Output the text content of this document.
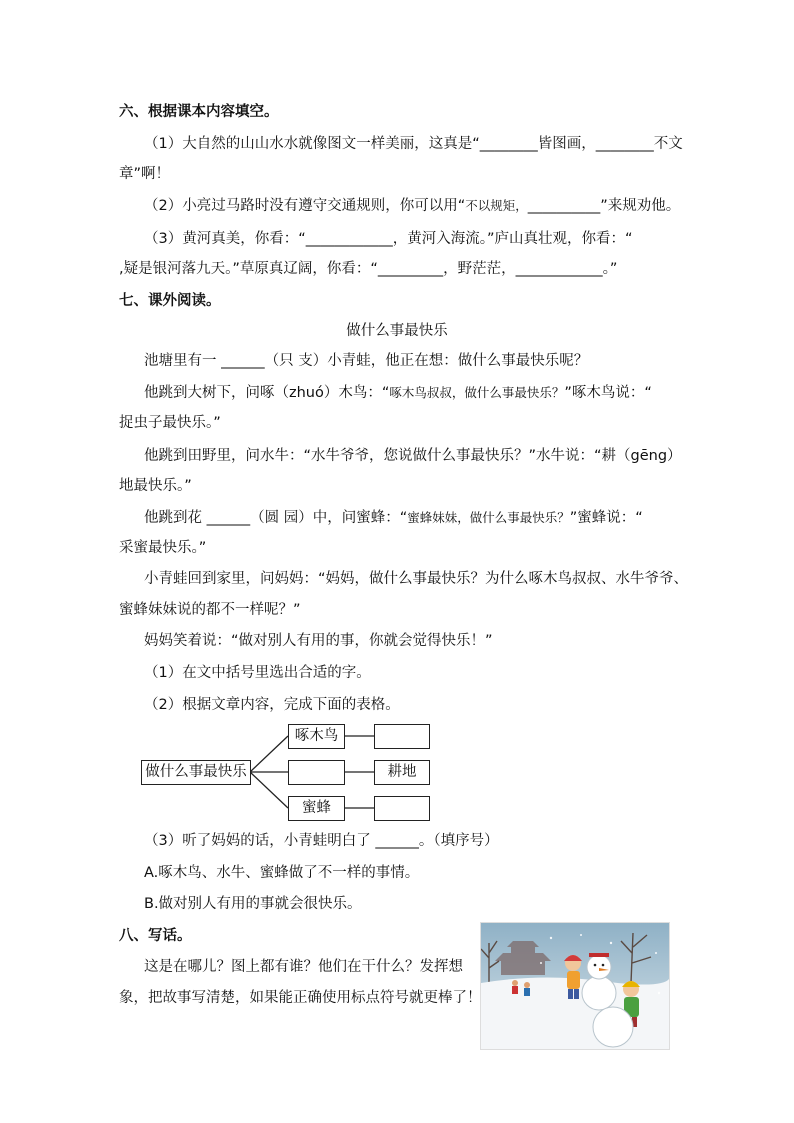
六、根据课本内容填空。
（1）大自然的山山水水就像图文一样美丽，这真是“________皆图画，________不文
章”啊！
（2）小亮过马路时没有遵守交通规则，你可以用“不以规矩，__________”来规劝他。
（3）黄河真美，你看：“____________，黄河入海流。”庐山真壮观，你看：“
,疑是银河落九天。”草原真辽阔，你看：“_________，野茫茫，____________。”
七、课外阅读。
做什么事最快乐
池塘里有一 ______（只 支）小青蛙，他正在想：做什么事最快乐呢？
他跳到大树下，问啄（zhuó）木鸟：“啄木鸟叔叔，做什么事最快乐？”啄木鸟说：“
捉虫子最快乐。”
他跳到田野里，问水牛：“水牛爷爷，您说做什么事最快乐？”水牛说：“耕（gēng）
地最快乐。”
他跳到花 ______（圆 园）中，问蜜蜂：“蜜蜂妹妹，做什么事最快乐？”蜜蜂说：“
采蜜最快乐。”
小青蛙回到家里，问妈妈：“妈妈，做什么事最快乐？为什么啄木鸟叔叔、水牛爷爷、
蜜蜂妹妹说的都不一样呢？”
妈妈笑着说：“做对别人有用的事，你就会觉得快乐！”
（1）在文中括号里选出合适的字。
（2）根据文章内容，完成下面的表格。
做什么事最快乐
啄木鸟
耕地
蜜蜂
（3）听了妈妈的话，小青蛙明白了 ______。（填序号）
A.啄木鸟、水牛、蜜蜂做了不一样的事情。
B.做对别人有用的事就会很快乐。
八、写话。
这是在哪儿？图上都有谁？他们在干什么？发挥想
象，把故事写清楚，如果能正确使用标点符号就更棒了！
